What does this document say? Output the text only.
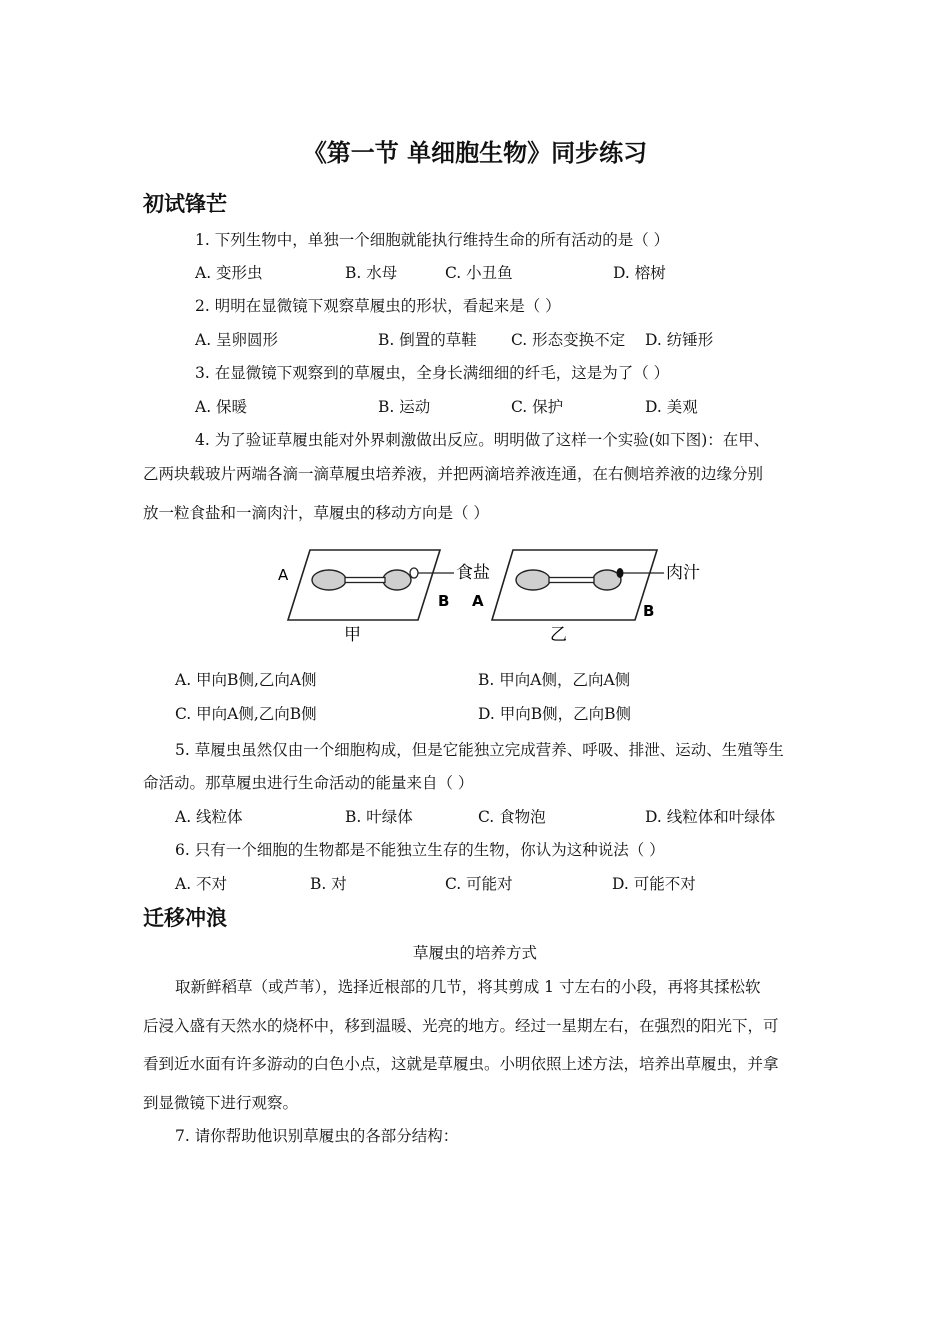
《第一节 单细胞生物》同步练习
初试锋芒
1. 下列生物中，单独一个细胞就能执行维持生命的所有活动的是（ ）
A. 变形虫	B. 水母	C. 小丑鱼	D. 榕树
2. 明明在显微镜下观察草履虫的形状，看起来是（ ）
A. 呈卵圆形	B. 倒置的草鞋 C. 形态变换不定 D. 纺锤形
3. 在显微镜下观察到的草履虫，全身长满细细的纤毛，这是为了（ ）
A. 保暖	B. 运动	C. 保护	D. 美观
4. 为了验证草履虫能对外界刺激做出反应。明明做了这样一个实验(如下图)：在甲、
乙两块载玻片两端各滴一滴草履虫培养液，并把两滴培养液连通，在右侧培养液的边缘分别
放一粒食盐和一滴肉汁，草履虫的移动方向是（ ）
A
B
食盐
甲
A
B
肉汁
乙
A. 甲向B侧,乙向A侧	B. 甲向A侧，乙向A侧
C. 甲向A侧,乙向B侧	D. 甲向B侧，乙向B侧
5. 草履虫虽然仅由一个细胞构成，但是它能独立完成营养、呼吸、排泄、运动、生殖等生
命活动。那草履虫进行生命活动的能量来自（ ）
A. 线粒体	B. 叶绿体	C. 食物泡	D. 线粒体和叶绿体
6. 只有一个细胞的生物都是不能独立生存的生物，你认为这种说法（ ）
A. 不对	B. 对	C. 可能对	D. 可能不对
迁移冲浪
草履虫的培养方式
取新鲜稻草（或芦苇），选择近根部的几节，将其剪成 1 寸左右的小段，再将其揉松软
后浸入盛有天然水的烧杯中，移到温暖、光亮的地方。经过一星期左右，在强烈的阳光下，可
看到近水面有许多游动的白色小点，这就是草履虫。小明依照上述方法，培养出草履虫，并拿
到显微镜下进行观察。
7. 请你帮助他识别草履虫的各部分结构：
